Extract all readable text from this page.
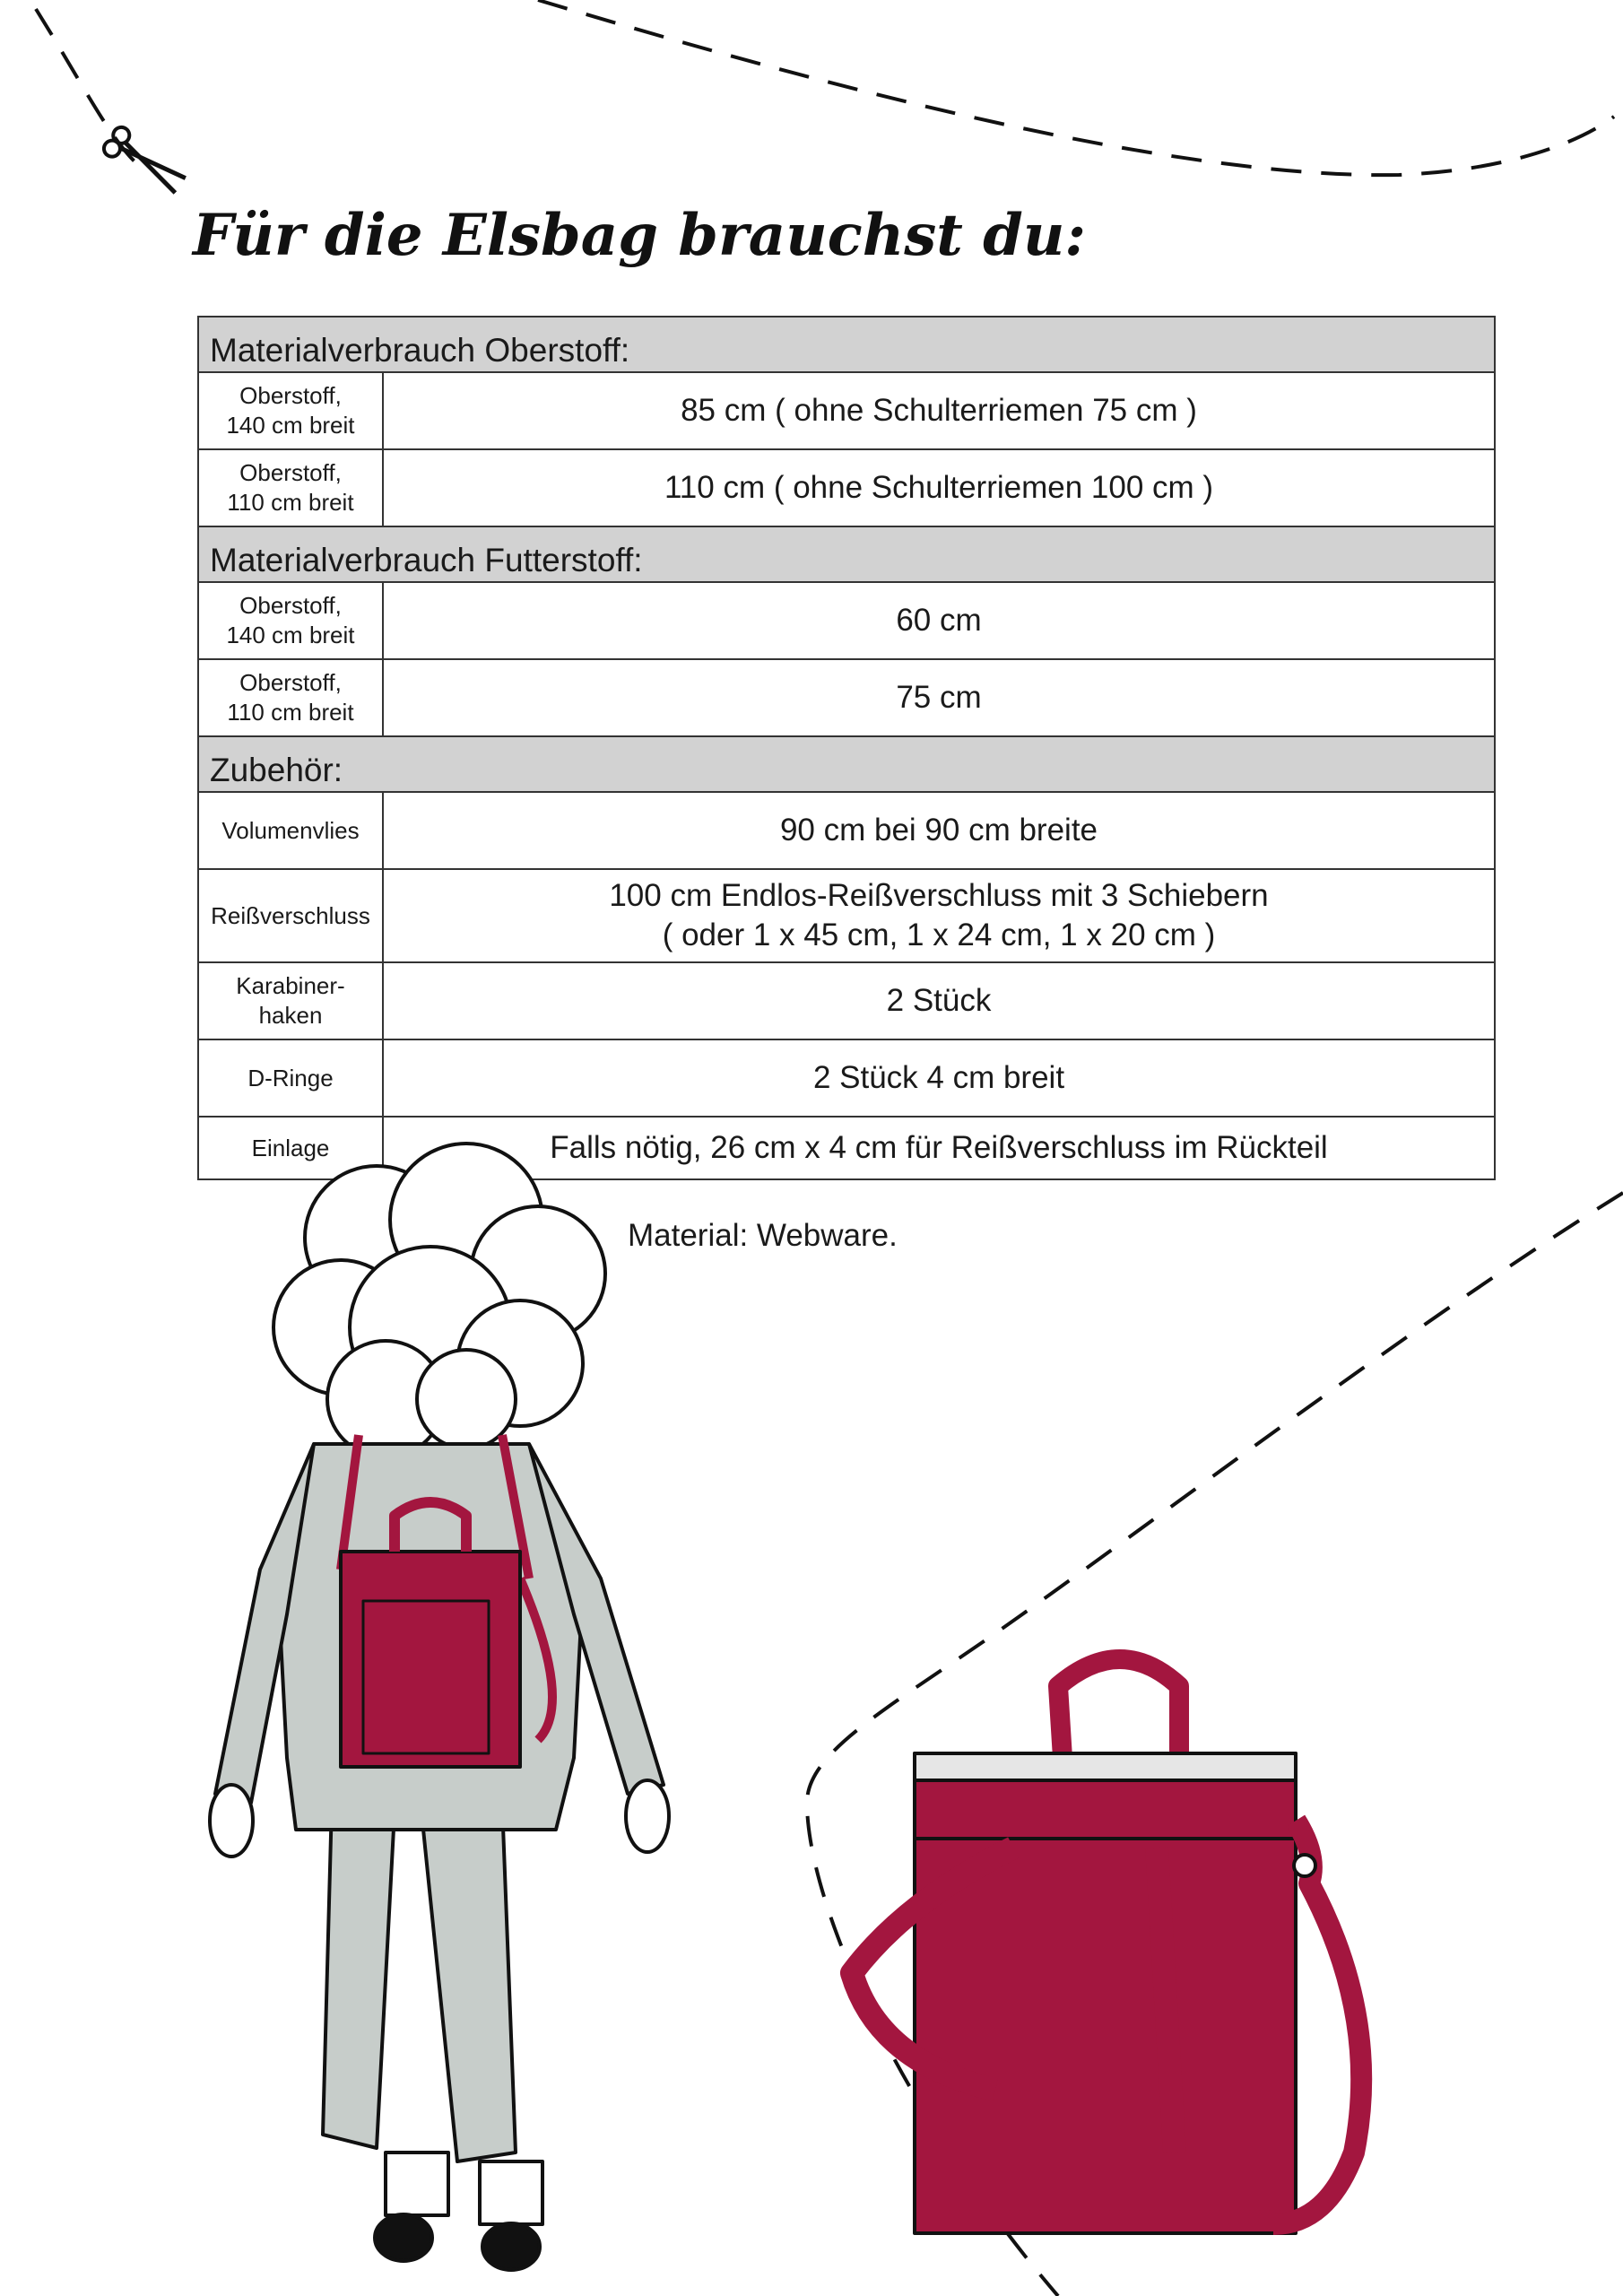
Für die Elsbag brauchst du:
Materialverbrauch Oberstoff:	
Oberstoff,
140 cm breit	85 cm ( ohne Schulterriemen 75 cm )
Oberstoff,
110 cm breit	110 cm ( ohne Schulterriemen 100 cm )
Materialverbrauch Futterstoff:	
Oberstoff,
140 cm breit	60 cm
Oberstoff,
110 cm breit	75 cm
Zubehör:	
Volumenvlies	90 cm bei 90 cm breite
Reißverschluss	100 cm Endlos-Reißverschluss mit 3 Schiebern
( oder 1 x 45 cm, 1 x 24 cm, 1 x 20 cm )
Karabiner-
haken	2 Stück
D-Ringe	2 Stück 4 cm breit
Einlage	Falls nötig, 26 cm x 4 cm für Reißverschluss im Rückteil
Material: Webware.
